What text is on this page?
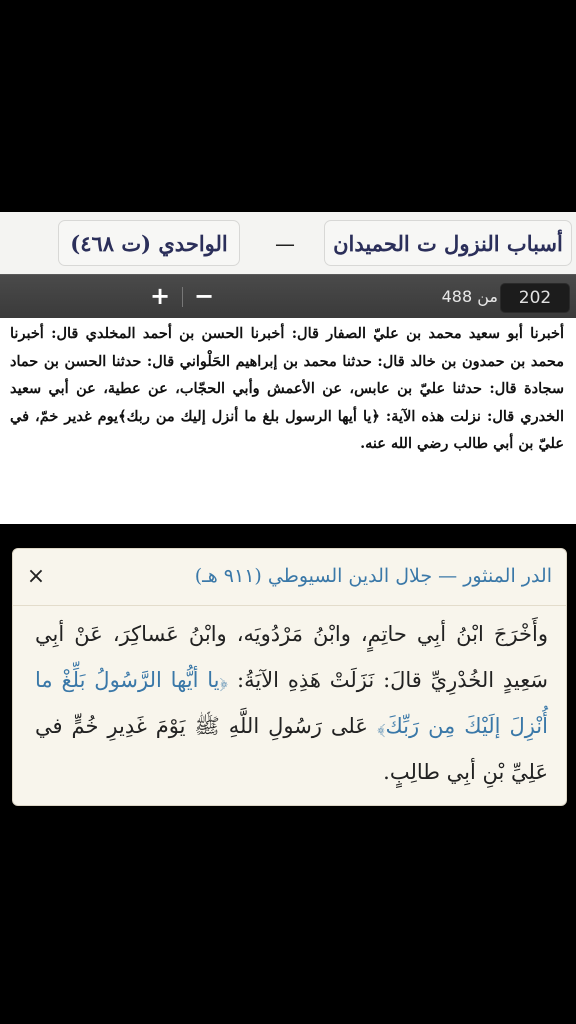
أسباب النزول ت الحميدان
—
الواحدي (ت ٤٦٨)
+ −	من 488	202
أخبرنا أبو سعيد محمد بن عليّ الصفار قال: أخبرنا الحسن بن أحمد المخلدي قال: أخبرنا محمد بن حمدون بن خالد قال: حدثنا محمد بن إبراهيم الحَلْواني قال: حدثنا الحسن بن حماد سجادة قال: حدثنا عليّ بن عابس، عن الأعمش وأبي الحجّاب، عن عطية، عن أبي سعيد الخدري قال: نزلت هذه الآية: ﴿يا أيها الرسول بلغ ما أنزل إليك من ربك﴾يوم غدير خمّ، في عليّ بن أبي طالب رضي الله عنه.
الدر المنثور — جلال الدين السيوطي (٩١١ هـ)
×
وأَخْرَجَ ابْنُ أبِي حاتِمٍ، وابْنُ مَرْدُويَه، وابْنُ عَساكِرَ، عَنْ أبِي سَعِيدٍ الخُدْرِيِّ قالَ: نَزَلَتْ هَذِهِ الآيَةُ: ﴿يا أيُّها الرَّسُولُ بَلِّغْ ما أُنْزِلَ إلَيْكَ مِن رَبِّكَ﴾ عَلى رَسُولِ اللَّهِ ﷺ يَوْمَ غَدِيرِ خُمٍّ في عَلِيِّ بْنِ أبِي طالِبٍ.
